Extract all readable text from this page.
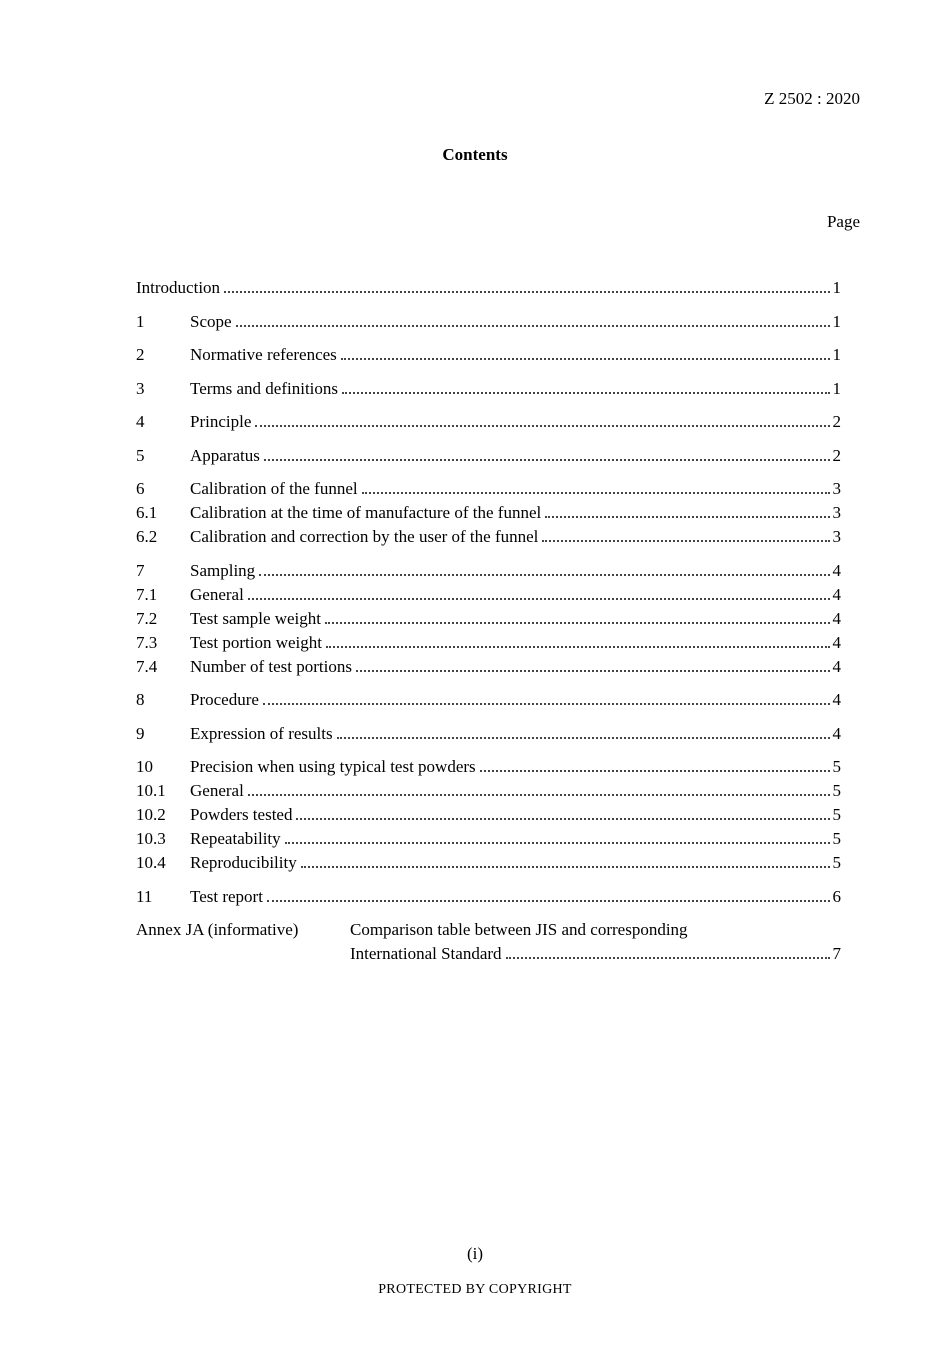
Z 2502 : 2020
Contents
Page
Introduction	1
1	Scope	1
2	Normative references	1
3	Terms and definitions	1
4	Principle	2
5	Apparatus	2
6	Calibration of the funnel	3
6.1	Calibration at the time of manufacture of the funnel	3
6.2	Calibration and correction by the user of the funnel	3
7	Sampling	4
7.1	General	4
7.2	Test sample weight	4
7.3	Test portion weight	4
7.4	Number of test portions	4
8	Procedure	4
9	Expression of results	4
10	Precision when using typical test powders	5
10.1	General	5
10.2	Powders tested	5
10.3	Repeatability	5
10.4	Reproducibility	5
11	Test report	6
Annex JA (informative)	Comparison table between JIS and corresponding
International Standard	7
(i)
PROTECTED BY COPYRIGHT
